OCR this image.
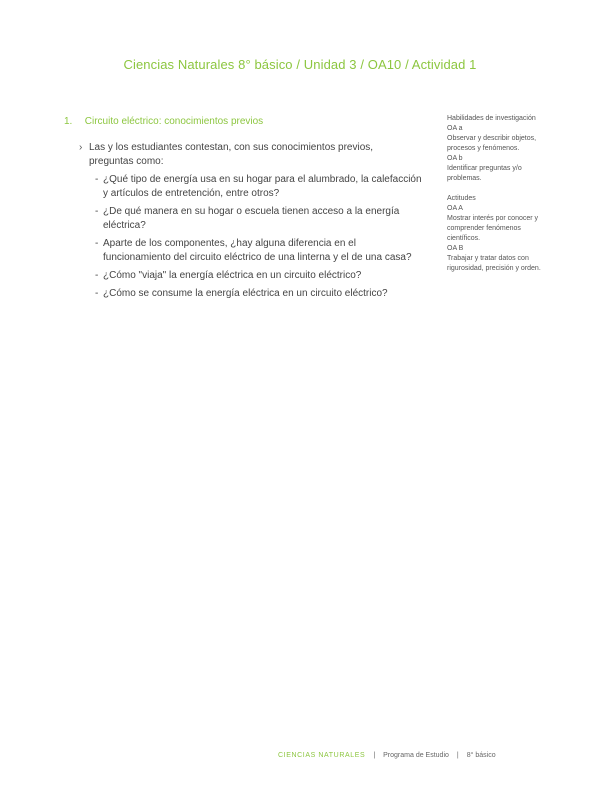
Ciencias Naturales 8° básico / Unidad 3 / OA10 / Actividad 1
1. Circuito eléctrico: conocimientos previos
› Las y los estudiantes contestan, con sus conocimientos previos, preguntas como:
- ¿Qué tipo de energía usa en su hogar para el alumbrado, la calefacción y artículos de entretención, entre otros?
- ¿De qué manera en su hogar o escuela tienen acceso a la energía eléctrica?
- Aparte de los componentes, ¿hay alguna diferencia en el funcionamiento del circuito eléctrico de una linterna y el de una casa?
- ¿Cómo "viaja" la energía eléctrica en un circuito eléctrico?
- ¿Cómo se consume la energía eléctrica en un circuito eléctrico?
Habilidades de investigación
OA a
Observar y describir objetos, procesos y fenómenos.
OA b
Identificar preguntas y/o problemas.
Actitudes
OA A
Mostrar interés por conocer y comprender fenómenos científicos.
OA B
Trabajar y tratar datos con rigurosidad, precisión y orden.
CIENCIAS NATURALES | Programa de Estudio | 8° básico
